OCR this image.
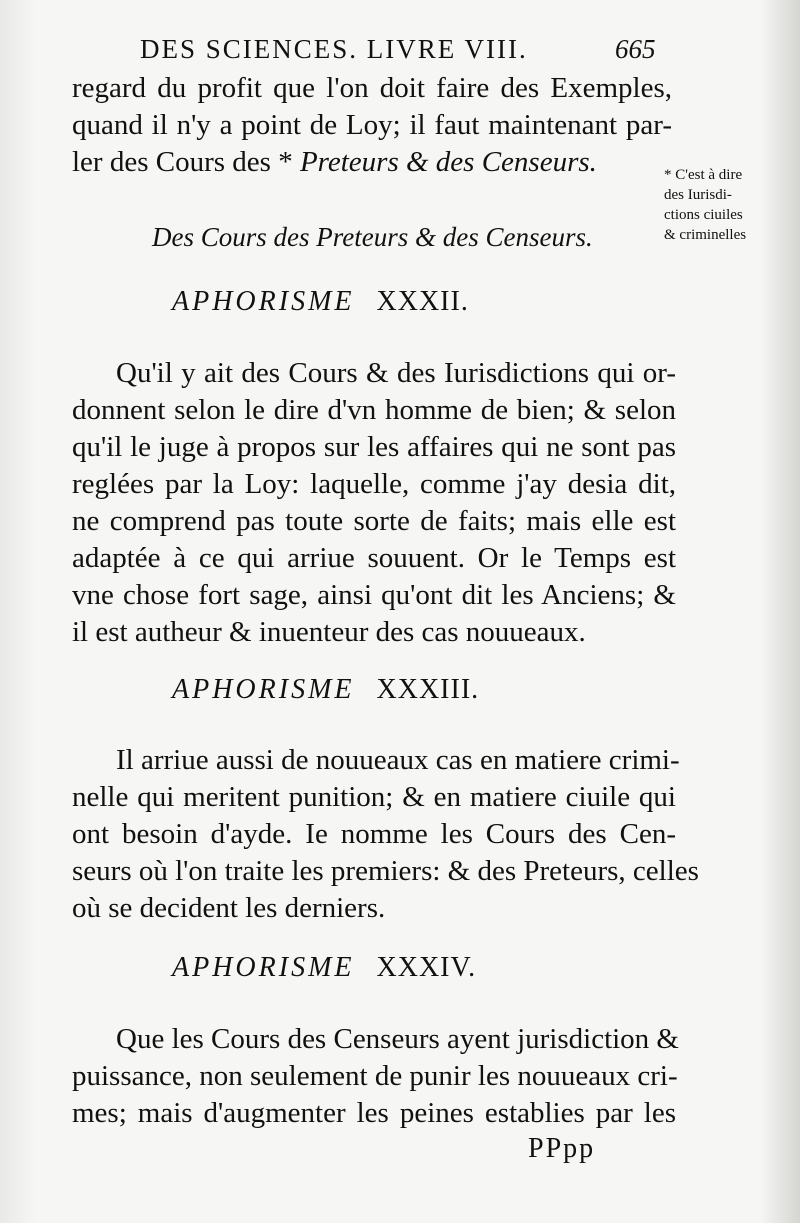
DES SCIENCES. LIVRE VIII.	665
regard du profit que l'on doit faire des Exemples,
quand il n'y a point de Loy; il faut maintenant par-
ler des Cours des * Preteurs & des Censeurs.	* C'est à dire
des Iurisdi-
ctions ciuiles
& criminelles
Des Cours des Preteurs & des Censeurs.
APHORISME XXXII.
Qu'il y ait des Cours & des Iurisdictions qui or-
donnent selon le dire d'vn homme de bien; & selon
qu'il le juge à propos sur les affaires qui ne sont pas
reglées par la Loy: laquelle, comme j'ay desia dit,
ne comprend pas toute sorte de faits; mais elle est
adaptée à ce qui arriue souuent. Or le Temps est
vne chose fort sage, ainsi qu'ont dit les Anciens; &
il est autheur & inuenteur des cas nouueaux.
APHORISME XXXIII.
Il arriue aussi de nouueaux cas en matiere crimi-
nelle qui meritent punition; & en matiere ciuile qui
ont besoin d'ayde. Ie nomme les Cours des Cen-
seurs où l'on traite les premiers: & des Preteurs, celles
où se decident les derniers.
APHORISME XXXIV.
Que les Cours des Censeurs ayent jurisdiction &
puissance, non seulement de punir les nouueaux cri-
mes; mais d'augmenter les peines establies par les
PPpp
